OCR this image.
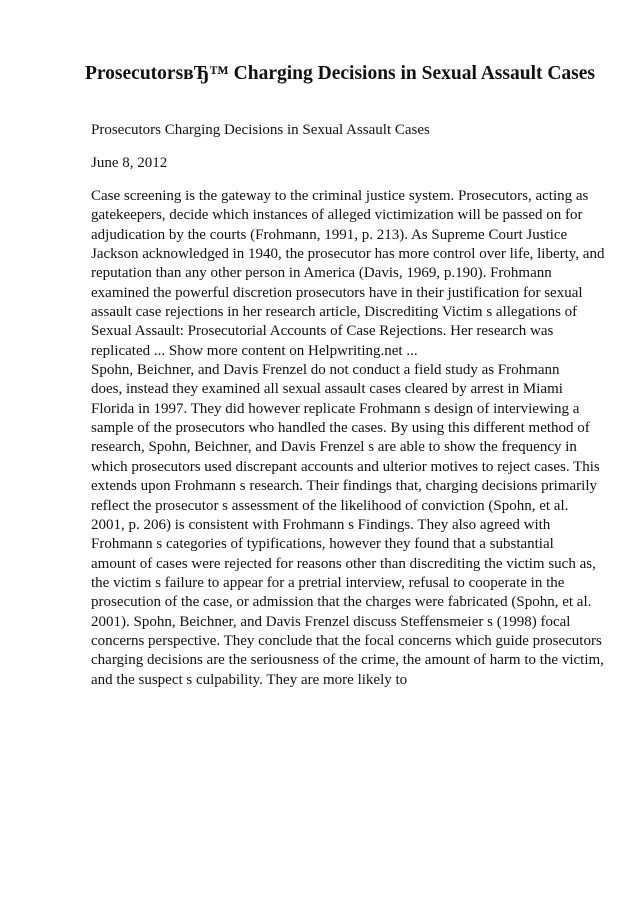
ProsecutorsвЂ™ Charging Decisions in Sexual Assault Cases

Prosecutors Charging Decisions in Sexual Assault Cases

June 8, 2012

Case screening is the gateway to the criminal justice system. Prosecutors, acting as
gatekeepers, decide which instances of alleged victimization will be passed on for
adjudication by the courts (Frohmann, 1991, p. 213). As Supreme Court Justice
Jackson acknowledged in 1940, the prosecutor has more control over life, liberty, and
reputation than any other person in America (Davis, 1969, p.190). Frohmann
examined the powerful discretion prosecutors have in their justification for sexual
assault case rejections in her research article, Discrediting Victim s allegations of
Sexual Assault: Prosecutorial Accounts of Case Rejections. Her research was
replicated ... Show more content on Helpwriting.net ...
Spohn, Beichner, and Davis Frenzel do not conduct a field study as Frohmann
does, instead they examined all sexual assault cases cleared by arrest in Miami
Florida in 1997. They did however replicate Frohmann s design of interviewing a
sample of the prosecutors who handled the cases. By using this different method of
research, Spohn, Beichner, and Davis Frenzel s are able to show the frequency in
which prosecutors used discrepant accounts and ulterior motives to reject cases. This
extends upon Frohmann s research. Their findings that, charging decisions primarily
reflect the prosecutor s assessment of the likelihood of conviction (Spohn, et al.
2001, p. 206) is consistent with Frohmann s Findings. They also agreed with
Frohmann s categories of typifications, however they found that a substantial
amount of cases were rejected for reasons other than discrediting the victim such as,
the victim s failure to appear for a pretrial interview, refusal to cooperate in the
prosecution of the case, or admission that the charges were fabricated (Spohn, et al.
2001). Spohn, Beichner, and Davis Frenzel discuss Steffensmeier s (1998) focal
concerns perspective. They conclude that the focal concerns which guide prosecutors
charging decisions are the seriousness of the crime, the amount of harm to the victim,
and the suspect s culpability. They are more likely to
